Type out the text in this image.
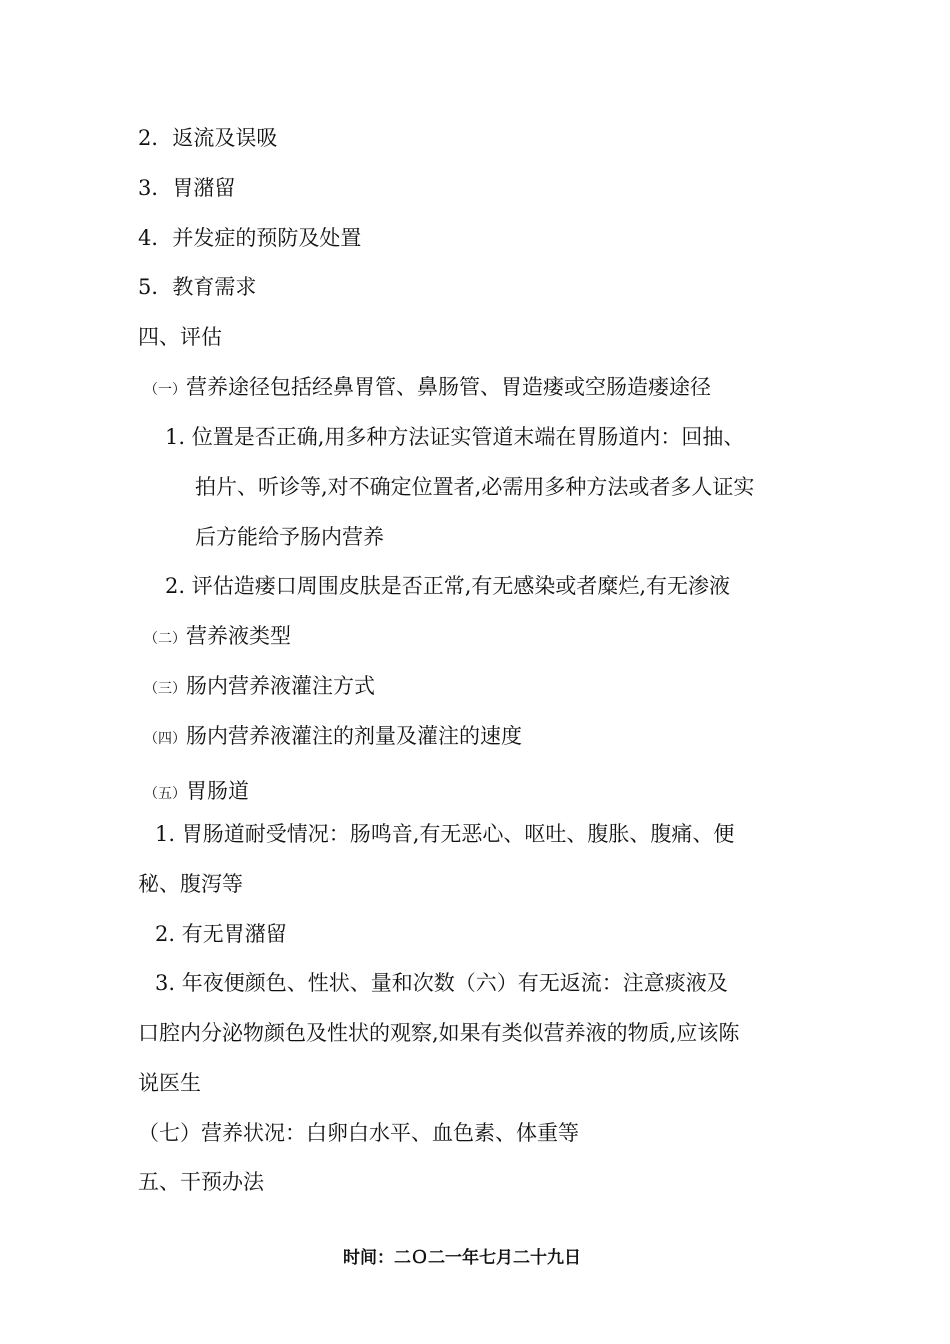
2．返流及误吸
3．胃潴留
4．并发症的预防及处置
5．教育需求
四、评估
（一）营养途径包括经鼻胃管、鼻肠管、胃造瘘或空肠造瘘途径
1. 位置是否正确,用多种方法证实管道末端在胃肠道内：回抽、
拍片、听诊等,对不确定位置者,必需用多种方法或者多人证实
后方能给予肠内营养
2. 评估造瘘口周围皮肤是否正常,有无感染或者糜烂,有无渗液
（二）营养液类型
（三）肠内营养液灌注方式
（四）肠内营养液灌注的剂量及灌注的速度
（五）胃肠道
1. 胃肠道耐受情况：肠鸣音,有无恶心、呕吐、腹胀、腹痛、便
秘、腹泻等
2. 有无胃潴留
3. 年夜便颜色、性状、量和次数（六）有无返流：注意痰液及
口腔内分泌物颜色及性状的观察,如果有类似营养液的物质,应该陈
说医生
（七）营养状况：白卵白水平、血色素、体重等
五、干预办法
时间：二Ｏ二一年七月二十九日
